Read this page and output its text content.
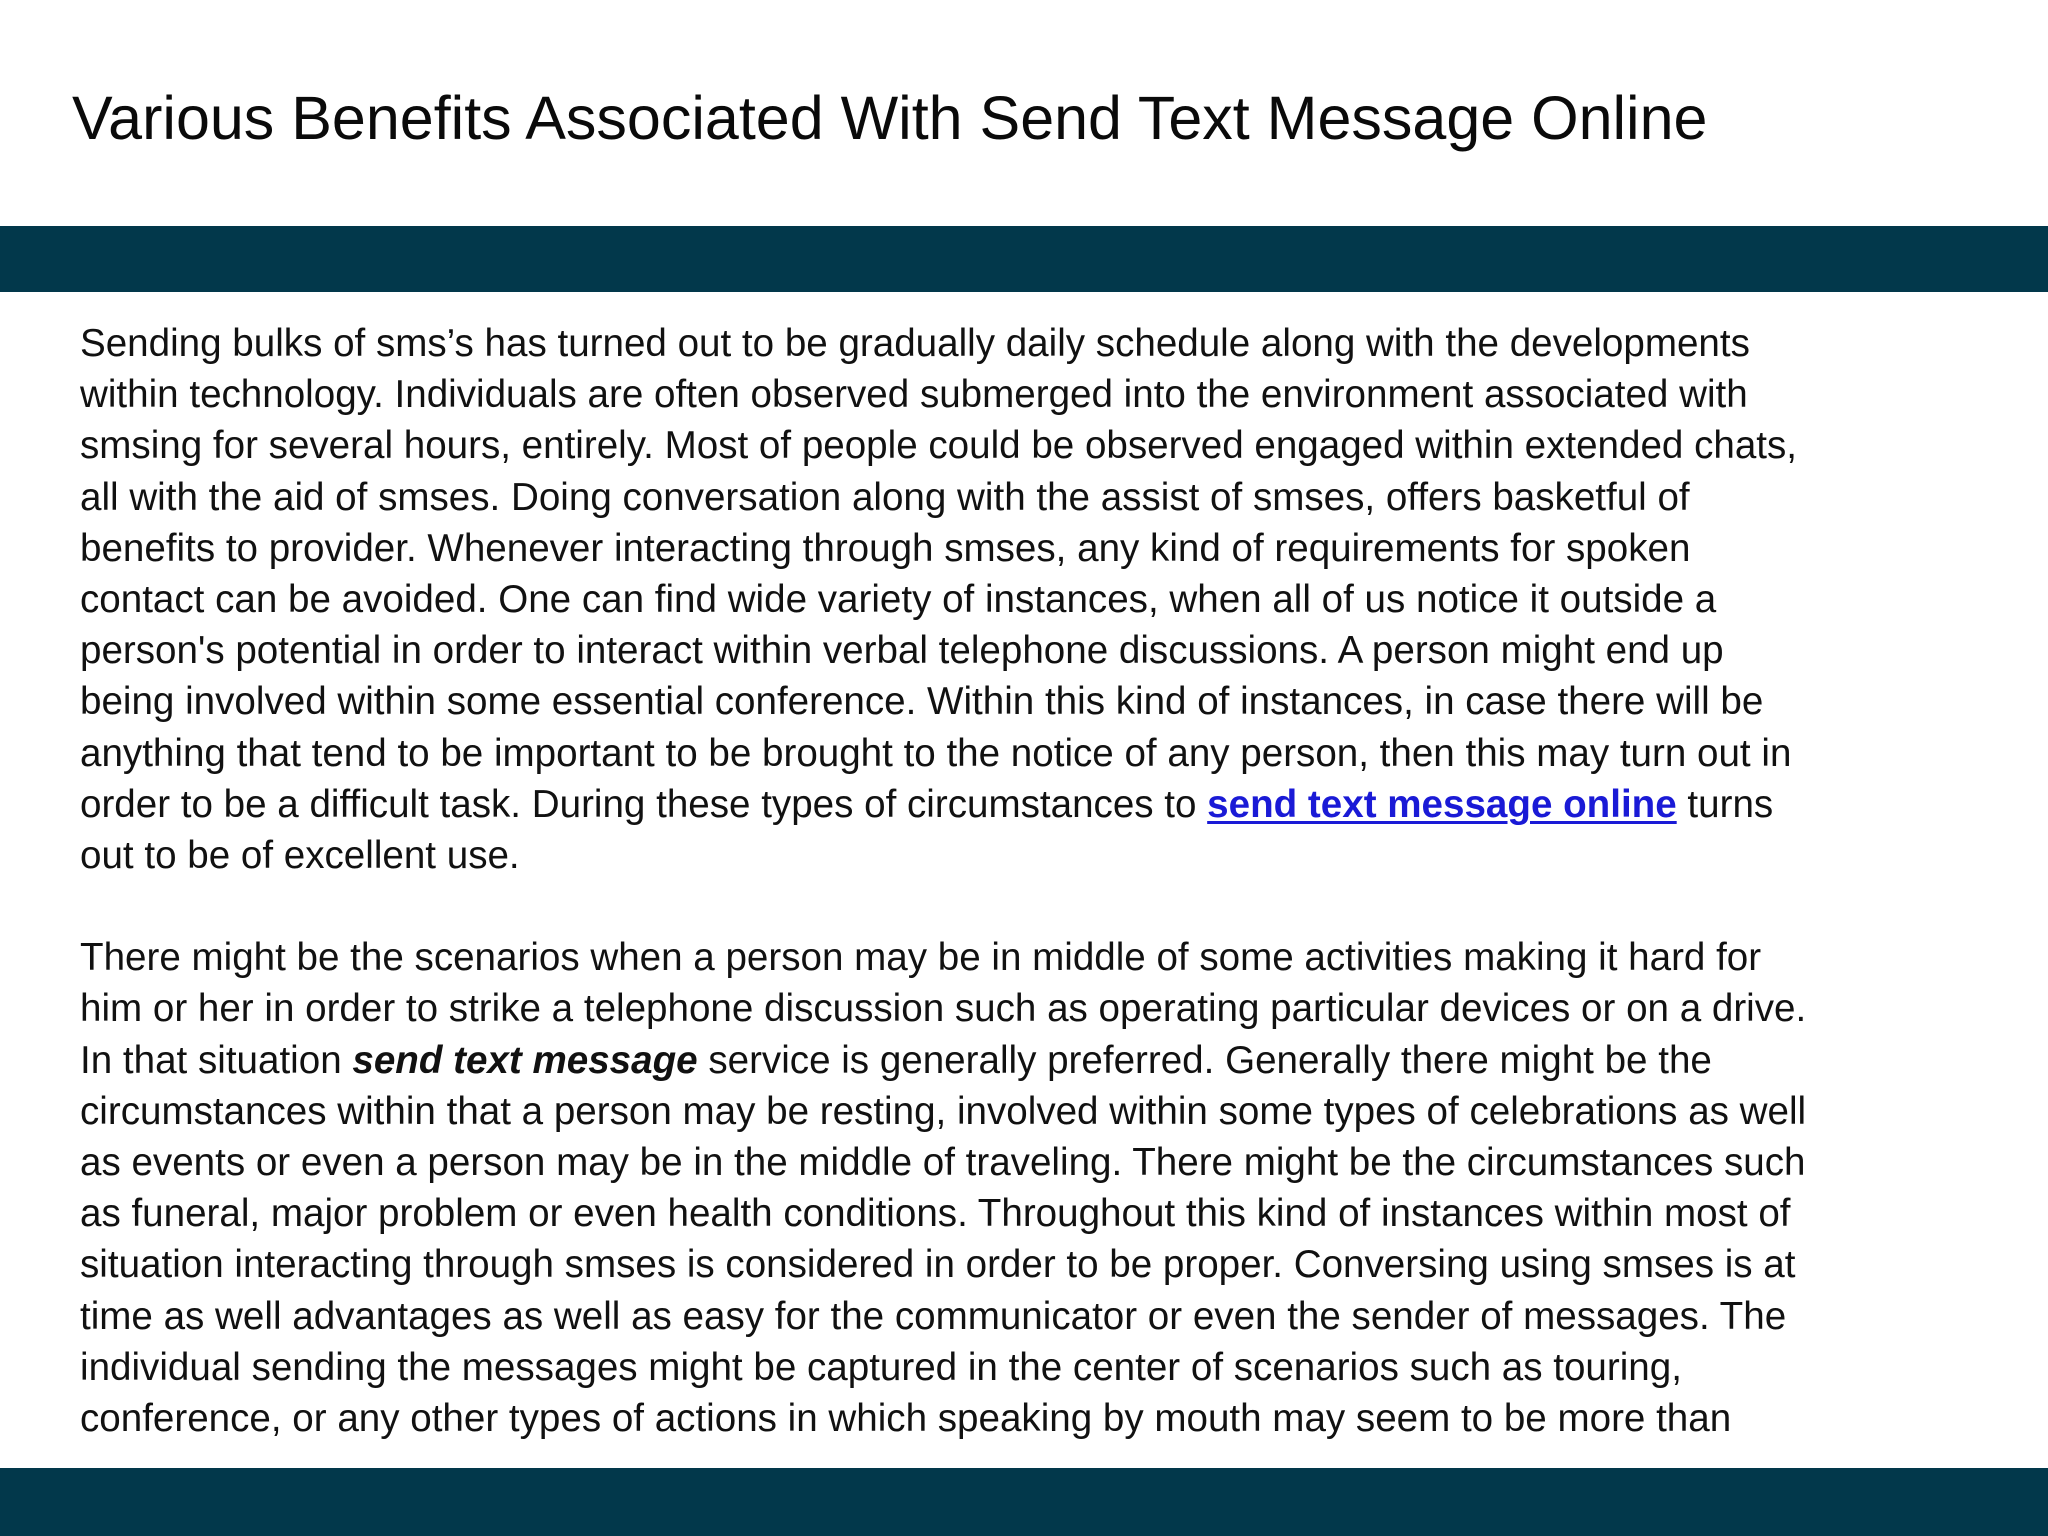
Various Benefits Associated With Send Text Message Online
Sending bulks of sms’s has turned out to be gradually daily schedule along with the developments
within technology. Individuals are often observed submerged into the environment associated with
smsing for several hours, entirely. Most of people could be observed engaged within extended chats,
all with the aid of smses. Doing conversation along with the assist of smses, offers basketful of
benefits to provider. Whenever interacting through smses, any kind of requirements for spoken
contact can be avoided. One can find wide variety of instances, when all of us notice it outside a
person's potential in order to interact within verbal telephone discussions. A person might end up
being involved within some essential conference. Within this kind of instances, in case there will be
anything that tend to be important to be brought to the notice of any person, then this may turn out in
order to be a difficult task. During these types of circumstances to send text message online turns
out to be of excellent use.
There might be the scenarios when a person may be in middle of some activities making it hard for
him or her in order to strike a telephone discussion such as operating particular devices or on a drive.
In that situation send text message service is generally preferred. Generally there might be the
circumstances within that a person may be resting, involved within some types of celebrations as well
as events or even a person may be in the middle of traveling. There might be the circumstances such
as funeral, major problem or even health conditions. Throughout this kind of instances within most of
situation interacting through smses is considered in order to be proper. Conversing using smses is at
time as well advantages as well as easy for the communicator or even the sender of messages. The
individual sending the messages might be captured in the center of scenarios such as touring,
conference, or any other types of actions in which speaking by mouth may seem to be more than
